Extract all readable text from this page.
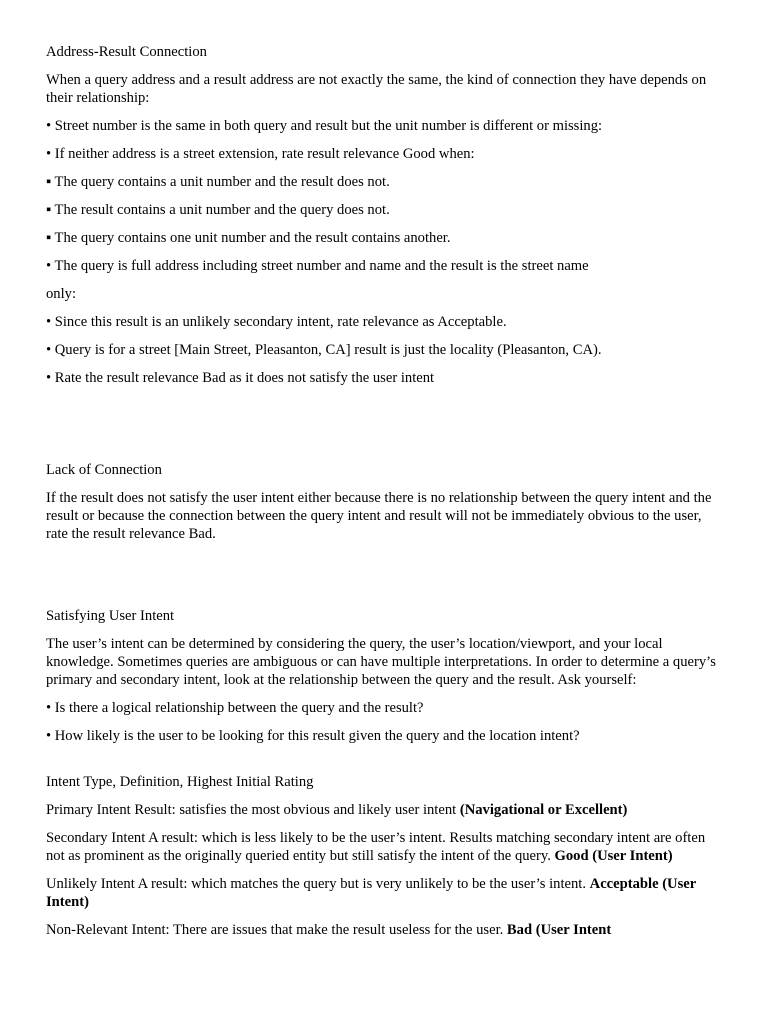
Address-Result Connection

When a query address and a result address are not exactly the same, the kind of connection they have depends on their relationship:

• Street number is the same in both query and result but the unit number is different or missing:

• If neither address is a street extension, rate result relevance Good when:

▪ The query contains a unit number and the result does not.

▪ The result contains a unit number and the query does not.

▪ The query contains one unit number and the result contains another.

• The query is full address including street number and name and the result is the street name

only:

• Since this result is an unlikely secondary intent, rate relevance as Acceptable.

• Query is for a street [Main Street, Pleasanton, CA] result is just the locality (Pleasanton, CA).

• Rate the result relevance Bad as it does not satisfy the user intent

Lack of Connection

If the result does not satisfy the user intent either because there is no relationship between the query intent and the result or because the connection between the query intent and result will not be immediately obvious to the user, rate the result relevance Bad.

Satisfying User Intent

The user’s intent can be determined by considering the query, the user’s location/viewport, and your local knowledge. Sometimes queries are ambiguous or can have multiple interpretations. In order to determine a query’s primary and secondary intent, look at the relationship between the query and the result. Ask yourself:

• Is there a logical relationship between the query and the result?

• How likely is the user to be looking for this result given the query and the location intent?

Intent Type, Definition, Highest Initial Rating

Primary Intent Result: satisfies the most obvious and likely user intent (Navigational or Excellent)

Secondary Intent A result: which is less likely to be the user’s intent. Results matching secondary intent are often not as prominent as the originally queried entity but still satisfy the intent of the query. Good (User Intent)

Unlikely Intent A result: which matches the query but is very unlikely to be the user’s intent. Acceptable (User Intent)

Non-Relevant Intent: There are issues that make the result useless for the user. Bad (User Intent
